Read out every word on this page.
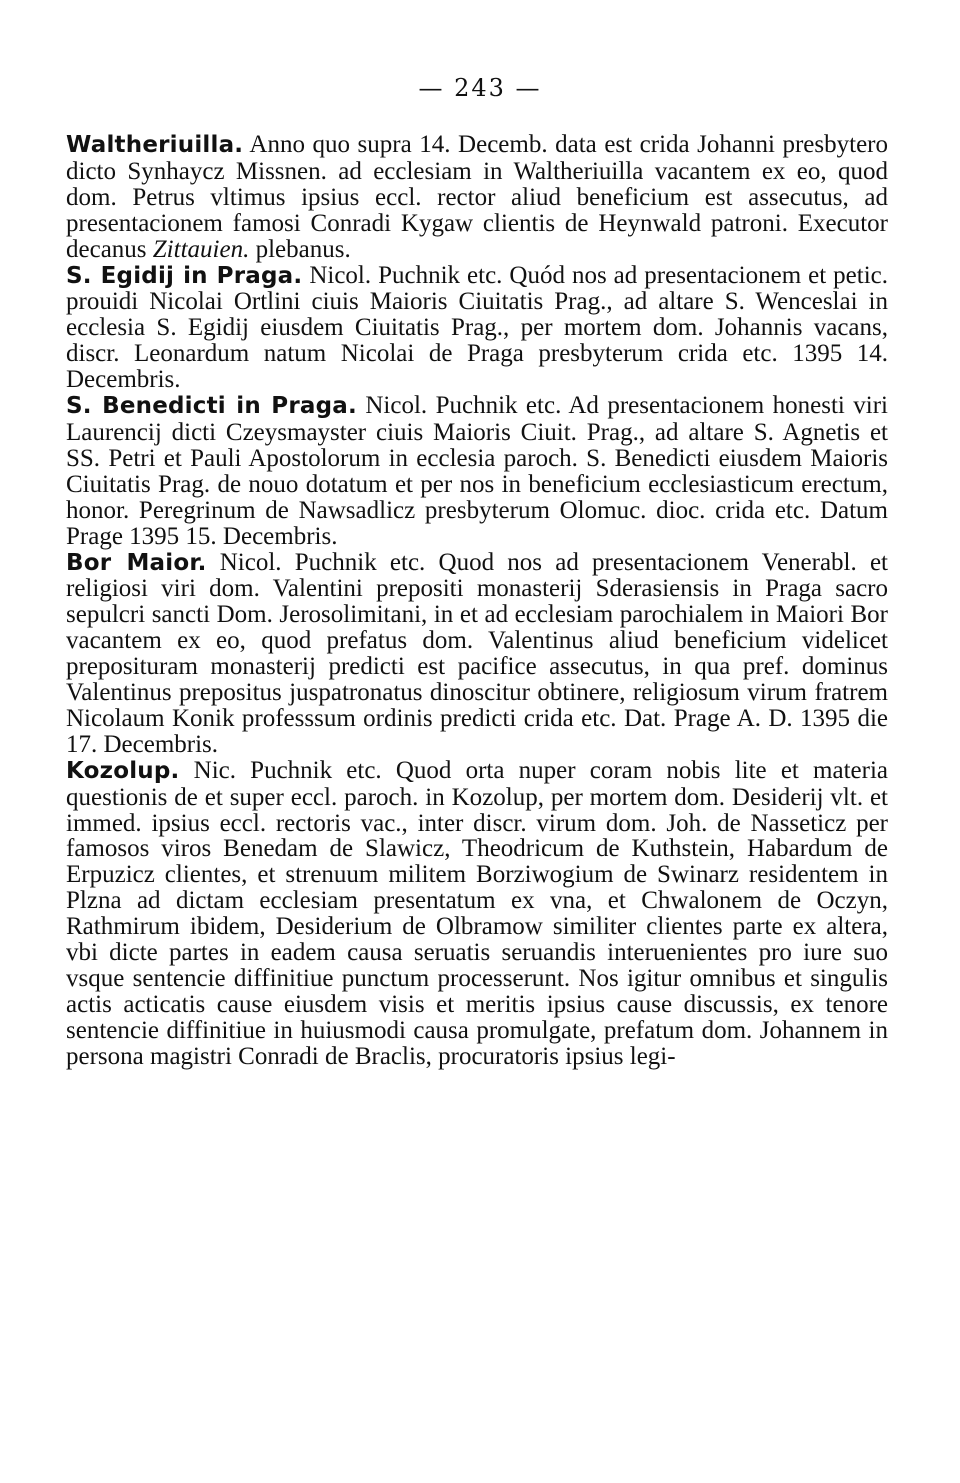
— 243 —

Waltheriuilla. Anno quo supra 14. Decemb. data est crida Johanni presbytero dicto Synhaycz Missnen. ad ecclesiam in Waltheriuilla vacantem ex eo, quod dom. Petrus vltimus ipsius eccl. rector aliud beneficium est assecutus, ad presentacionem famosi Conradi Kygaw clientis de Heynwald patroni. Executor decanus Zittauien. plebanus.

S. Egidij in Praga. Nicol. Puchnik etc. Quód nos ad presentacionem et petic. prouidi Nicolai Ortlini ciuis Maioris Ciuitatis Prag., ad altare S. Wenceslai in ecclesia S. Egidij eiusdem Ciuitatis Prag., per mortem dom. Johannis vacans, discr. Leonardum natum Nicolai de Praga presbyterum crida etc. 1395 14. Decembris.

S. Benedicti in Praga. Nicol. Puchnik etc. Ad presentacionem honesti viri Laurencij dicti Czeysmayster ciuis Maioris Ciuit. Prag., ad altare S. Agnetis et SS. Petri et Pauli Apostolorum in ecclesia paroch. S. Benedicti eiusdem Maioris Ciuitatis Prag. de nouo dotatum et per nos in beneficium ecclesiasticum erectum, honor. Peregrinum de Nawsadlicz presbyterum Olomuc. dioc. crida etc. Datum Prage 1395 15. Decembris.

Bor Maior. Nicol. Puchnik etc. Quod nos ad presentacionem Venerabl. et religiosi viri dom. Valentini prepositi monasterij Sderasiensis in Praga sacro sepulcri sancti Dom. Jerosolimitani, in et ad ecclesiam parochialem in Maiori Bor vacantem ex eo, quod prefatus dom. Valentinus aliud beneficium videlicet preposituram monasterij predicti est pacifice assecutus, in qua pref. dominus Valentinus prepositus juspatronatus dinoscitur obtinere, religiosum virum fratrem Nicolaum Konik professsum ordinis predicti crida etc. Dat. Prage A. D. 1395 die 17. Decembris.

Kozolup. Nic. Puchnik etc. Quod orta nuper coram nobis lite et materia questionis de et super eccl. paroch. in Kozolup, per mortem dom. Desiderij vlt. et immed. ipsius eccl. rectoris vac., inter discr. virum dom. Joh. de Nasseticz per famosos viros Benedam de Slawicz, Theodricum de Kuthstein, Habardum de Erpuzicz clientes, et strenuum militem Borziwogium de Swinarz residentem in Plzna ad dictam ecclesiam presentatum ex vna, et Chwalonem de Oczyn, Rathmirum ibidem, Desiderium de Olbramow similiter clientes parte ex altera, vbi dicte partes in eadem causa seruatis seruandis interuenientes pro iure suo vsque sentencie diffinitiue punctum processerunt. Nos igitur omnibus et singulis actis acticatis cause eiusdem visis et meritis ipsius cause discussis, ex tenore sentencie diffinitiue in huiusmodi causa promulgate, prefatum dom. Johannem in persona magistri Conradi de Braclis, procuratoris ipsius legi-
